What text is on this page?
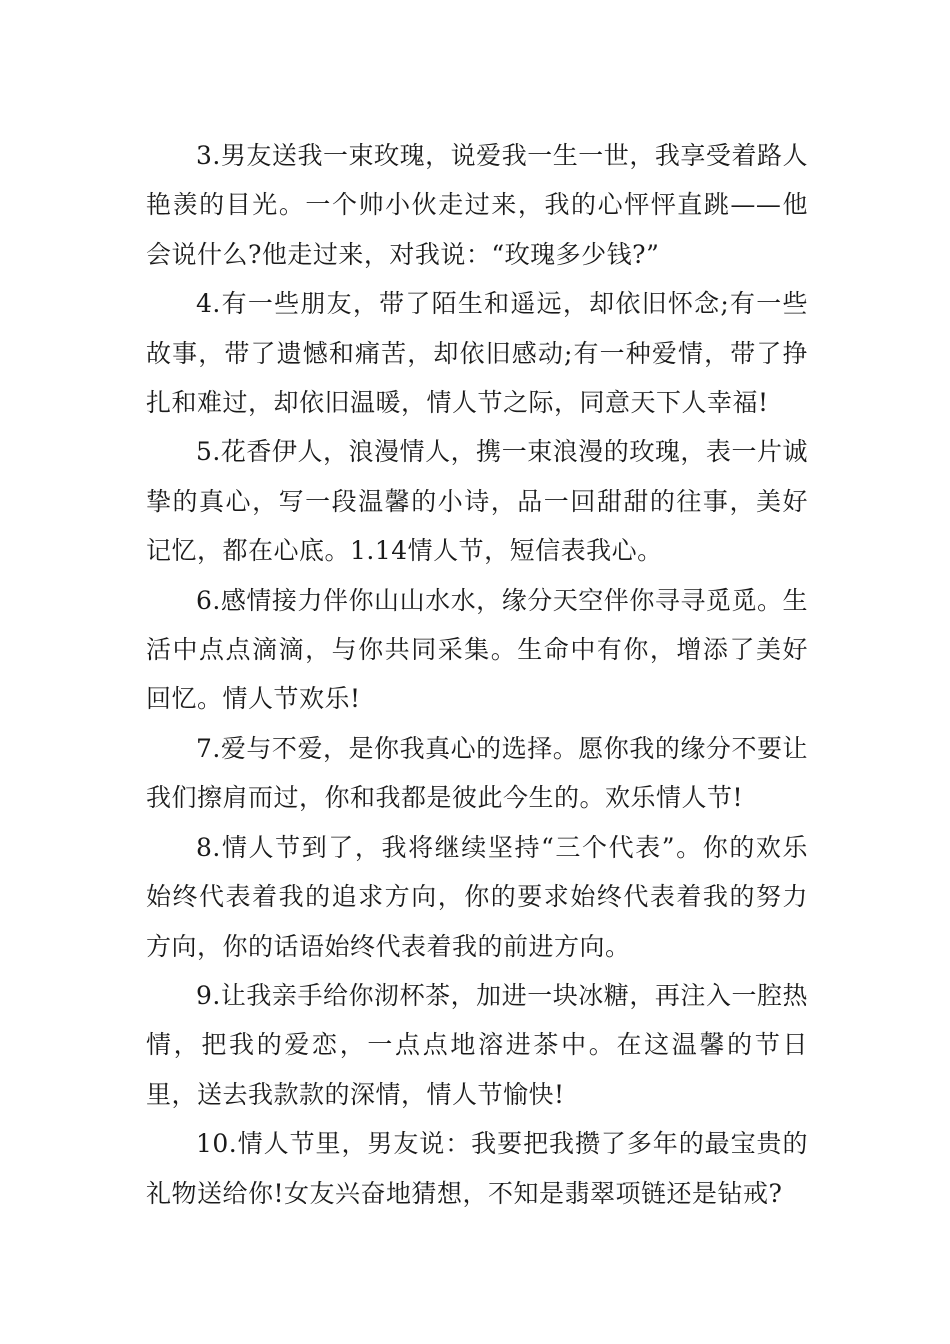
3.男友送我一束玫瑰，说爱我一生一世，我享受着路人艳羡的目光。一个帅小伙走过来，我的心怦怦直跳——他会说什么?他走过来，对我说：“玫瑰多少钱?”

4.有一些朋友，带了陌生和遥远，却依旧怀念;有一些故事，带了遗憾和痛苦，却依旧感动;有一种爱情，带了挣扎和难过，却依旧温暖，情人节之际，同意天下人幸福!

5.花香伊人，浪漫情人，携一束浪漫的玫瑰，表一片诚挚的真心，写一段温馨的小诗，品一回甜甜的往事，美好记忆，都在心底。1.14情人节，短信表我心。

6.感情接力伴你山山水水，缘分天空伴你寻寻觅觅。生活中点点滴滴，与你共同采集。生命中有你，增添了美好回忆。情人节欢乐!

7.爱与不爱，是你我真心的选择。愿你我的缘分不要让我们擦肩而过，你和我都是彼此今生的。欢乐情人节!

8.情人节到了，我将继续坚持“三个代表”。你的欢乐始终代表着我的追求方向，你的要求始终代表着我的努力方向，你的话语始终代表着我的前进方向。

9.让我亲手给你沏杯茶，加进一块冰糖，再注入一腔热情，把我的爱恋，一点点地溶进茶中。在这温馨的节日里，送去我款款的深情，情人节愉快!

10.情人节里，男友说：我要把我攒了多年的最宝贵的礼物送给你!女友兴奋地猜想，不知是翡翠项链还是钻戒?
